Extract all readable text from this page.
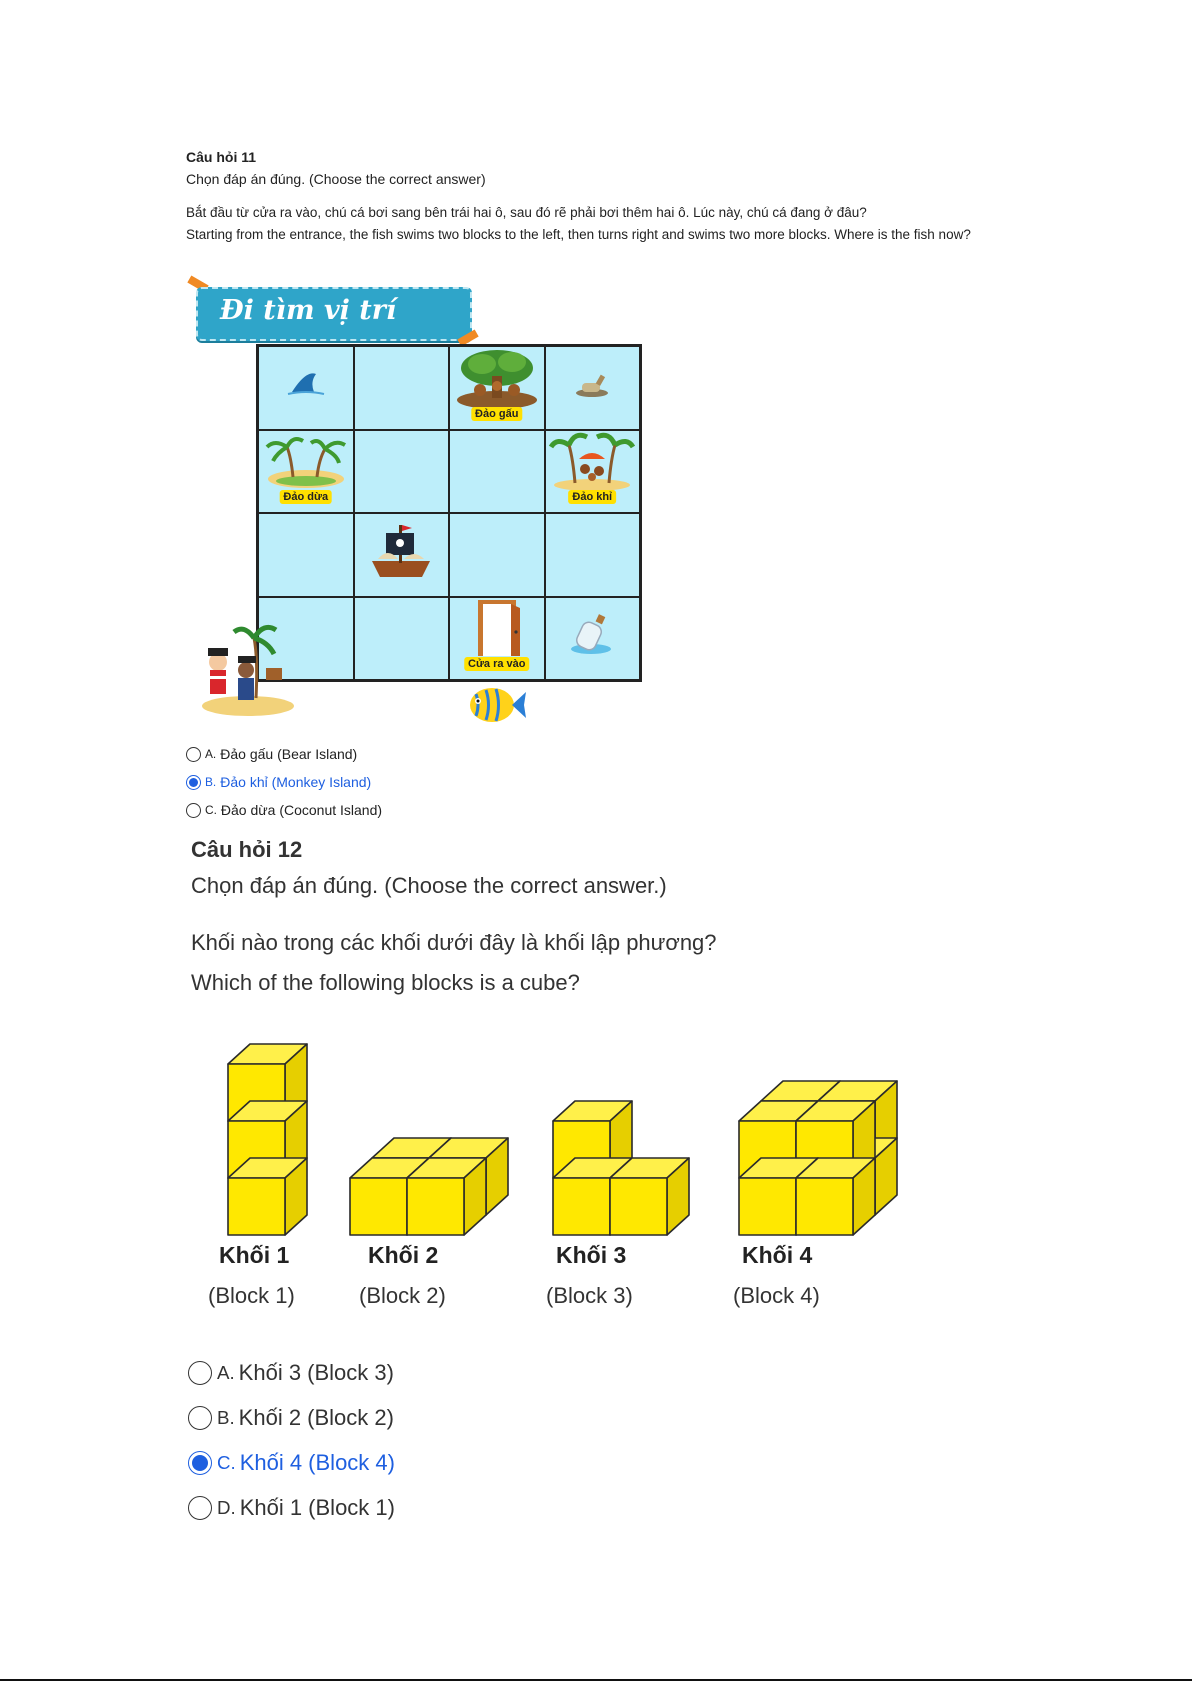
Câu hỏi 11

Chọn đáp án đúng. (Choose the correct answer)

Bắt đầu từ cửa ra vào, chú cá bơi sang bên trái hai ô, sau đó rẽ phải bơi thêm hai ô. Lúc này, chú cá đang ở đâu?

Starting from the entrance, the fish swims two blocks to the left, then turns right and swims two more blocks. Where is the fish now?

Đi tìm vị trí
Đảo gấu
Đảo dừa	Đảo khỉ
Cửa ra vào
A. Đảo gấu (Bear Island)
B. Đảo khỉ (Monkey Island)
C. Đảo dừa (Coconut Island)

Câu hỏi 12

Chọn đáp án đúng. (Choose the correct answer.)

Khối nào trong các khối dưới đây là khối lập phương?

Which of the following blocks is a cube?

Khối 1
(Block 1)
Khối 2
(Block 2)
Khối 3
(Block 3)
Khối 4
(Block 4)
A. Khối 3 (Block 3)
B. Khối 2 (Block 2)
C. Khối 4 (Block 4)
D. Khối 1 (Block 1)
